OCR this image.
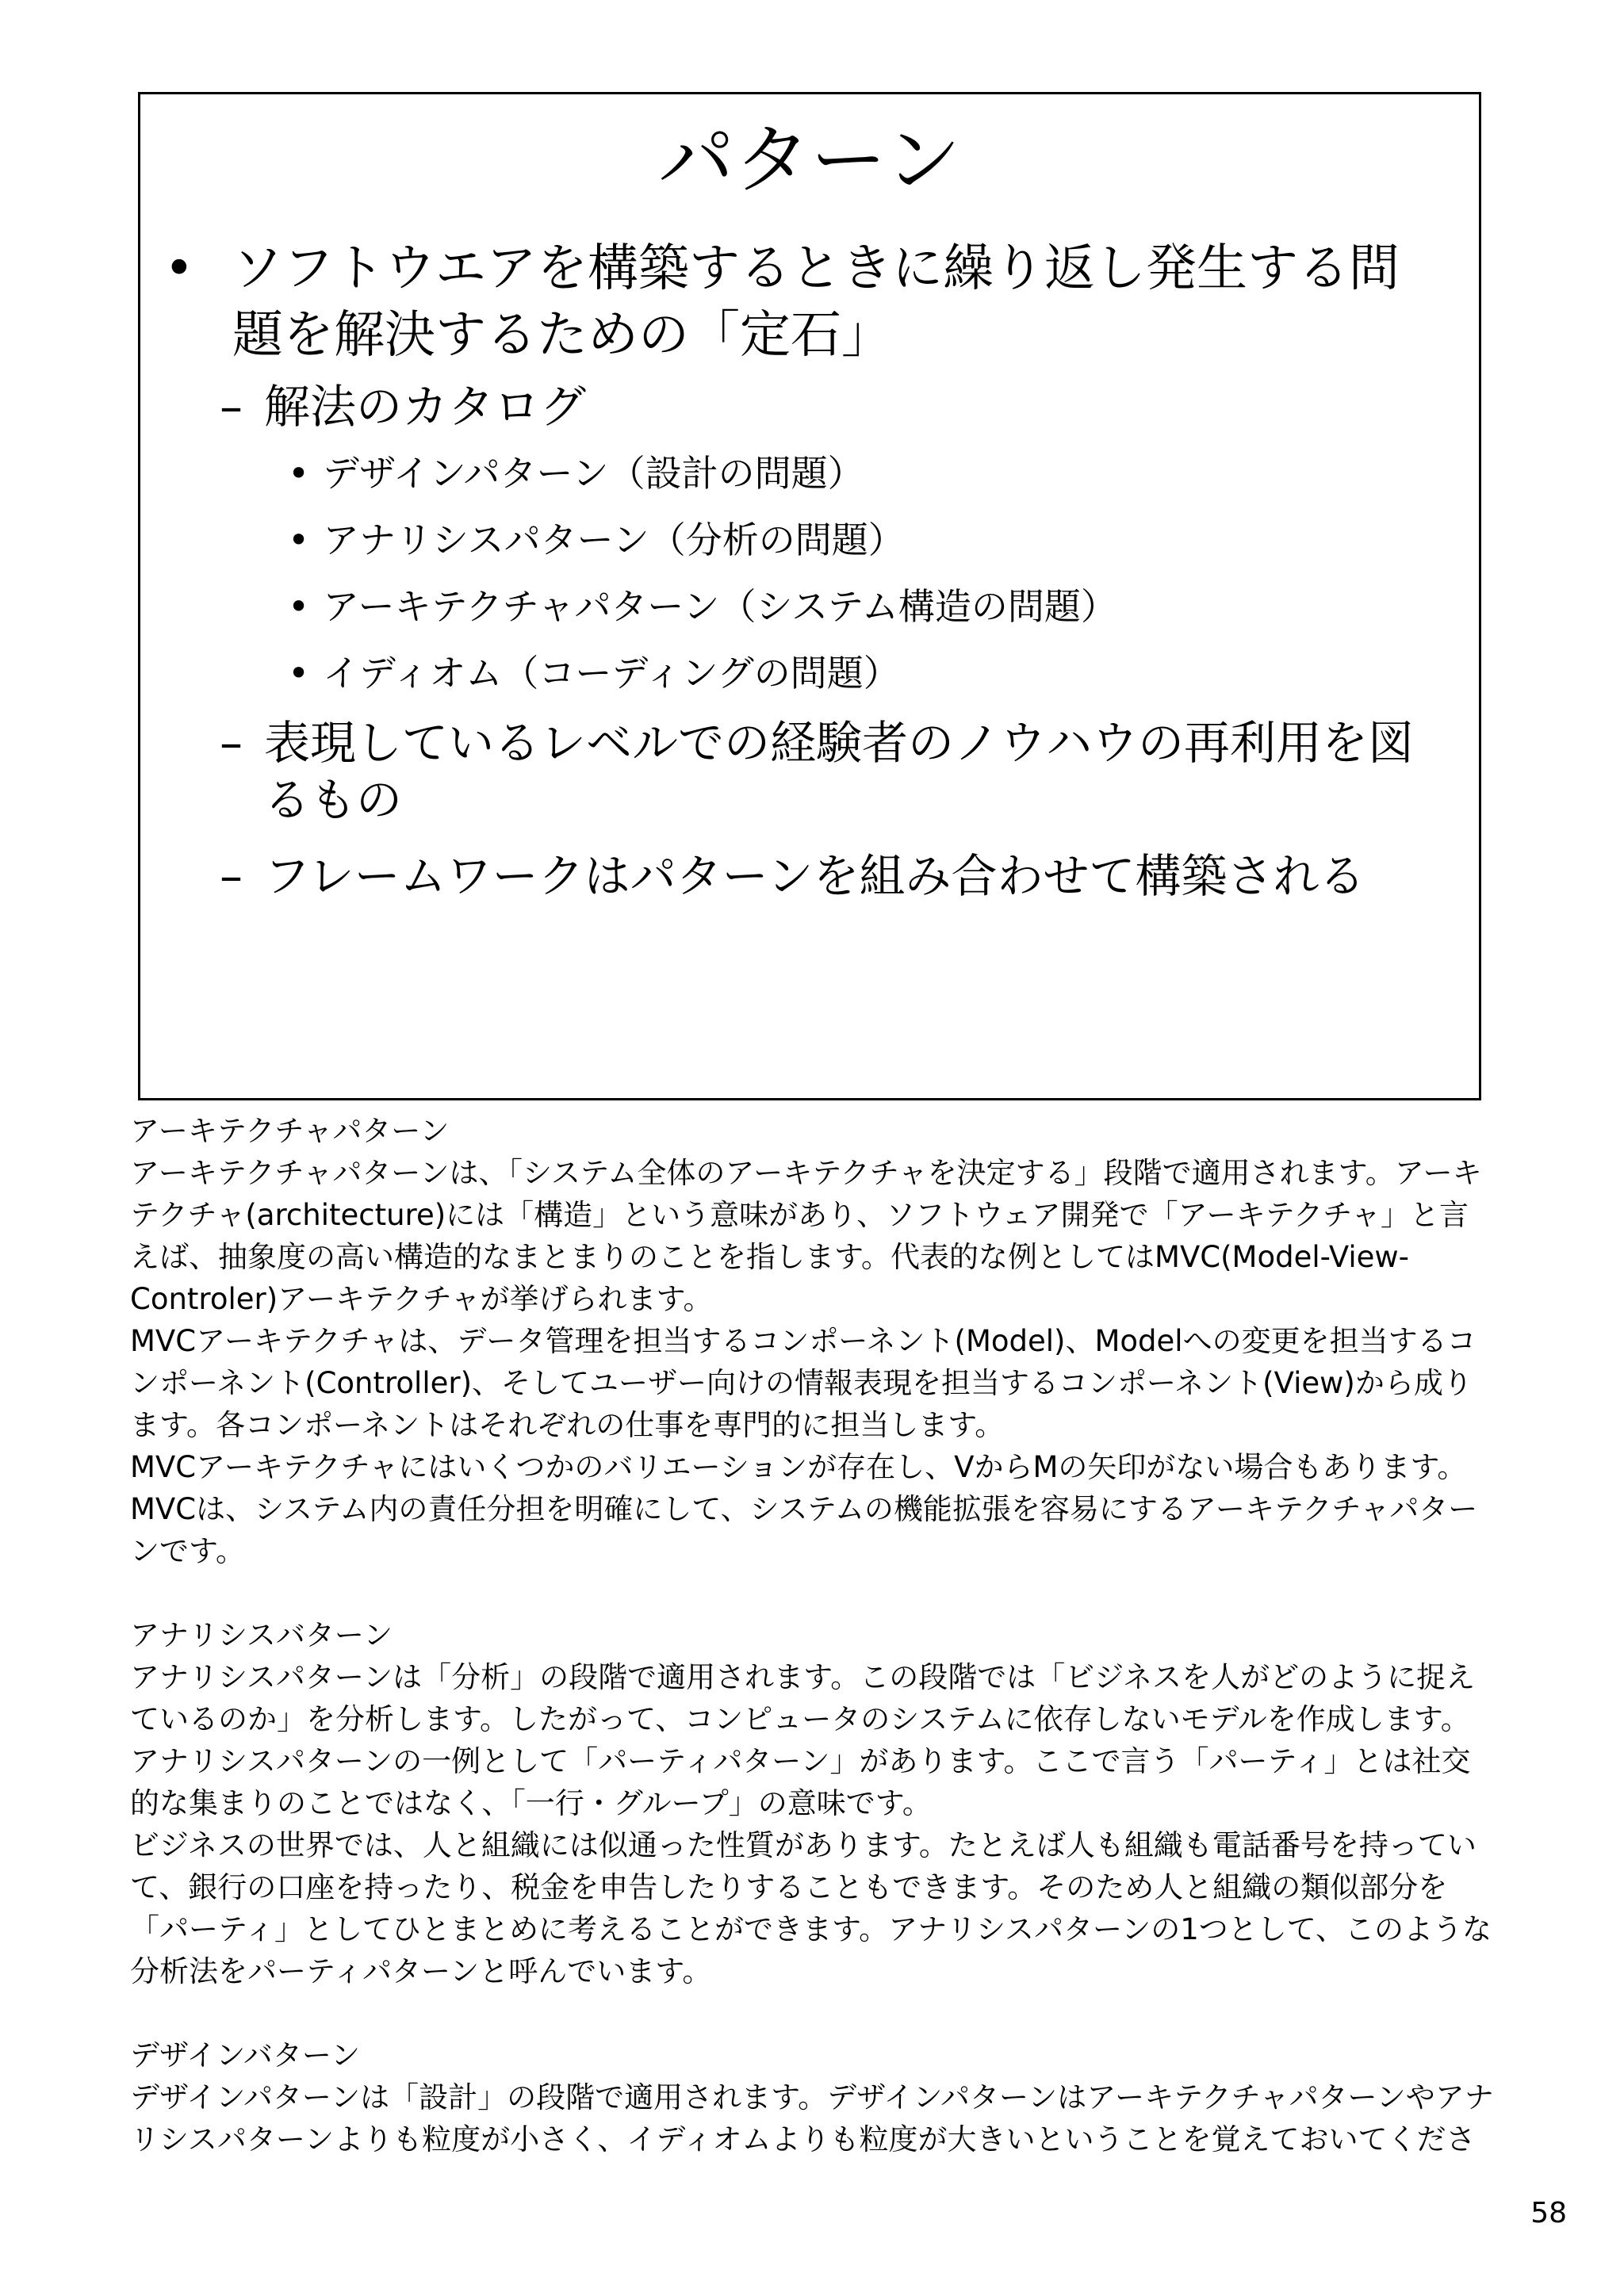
パターン
• ソフトウエアを構築するときに繰り返し発生する問題を解決するための「定石」
– 解法のカタログ
• デザインパターン（設計の問題）
• アナリシスパターン（分析の問題）
• アーキテクチャパターン（システム構造の問題）
• イディオム（コーディングの問題）
– 表現しているレベルでの経験者のノウハウの再利用を図るもの
– フレームワークはパターンを組み合わせて構築される

アーキテクチャパターン

アーキテクチャパターンは、「システム全体のアーキテクチャを決定する」段階で適用されます。アーキテクチャ(architecture)には「構造」という意味があり、ソフトウェア開発で「アーキテクチャ」と言えば、抽象度の高い構造的なまとまりのことを指します。代表的な例としてはMVC(Model-View-Controler)アーキテクチャが挙げられます。

MVCアーキテクチャは、データ管理を担当するコンポーネント(Model)、Modelへの変更を担当するコンポーネント(Controller)、そしてユーザー向けの情報表現を担当するコンポーネント(View)から成ります。各コンポーネントはそれぞれの仕事を専門的に担当します。

MVCアーキテクチャにはいくつかのバリエーションが存在し、VからMの矢印がない場合もあります。MVCは、システム内の責任分担を明確にして、システムの機能拡張を容易にするアーキテクチャパターンです。

アナリシスバターン

アナリシスパターンは「分析」の段階で適用されます。この段階では「ビジネスを人がどのように捉えているのか」を分析します。したがって、コンピュータのシステムに依存しないモデルを作成します。アナリシスパターンの一例として「パーティパターン」があります。ここで言う「パーティ」とは社交的な集まりのことではなく、「一行・グループ」の意味です。

ビジネスの世界では、人と組織には似通った性質があります。たとえば人も組織も電話番号を持っていて、銀行の口座を持ったり、税金を申告したりすることもできます。そのため人と組織の類似部分を「パーティ」としてひとまとめに考えることができます。アナリシスパターンの1つとして、このような分析法をパーティパターンと呼んでいます。

デザインバターン

デザインパターンは「設計」の段階で適用されます。デザインパターンはアーキテクチャパターンやアナリシスパターンよりも粒度が小さく、イディオムよりも粒度が大きいということを覚えておいてくださ

58
